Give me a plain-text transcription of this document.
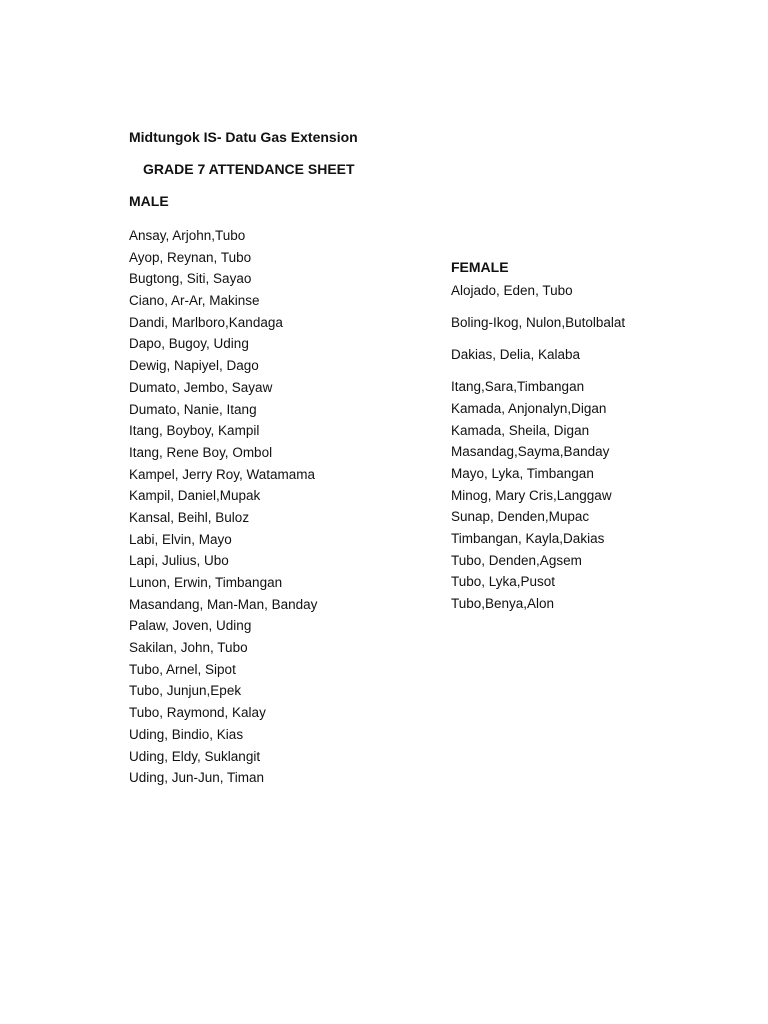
Midtungok IS- Datu Gas Extension
GRADE 7 ATTENDANCE SHEET
MALE
Ansay, Arjohn,Tubo
Ayop, Reynan, Tubo
Bugtong, Siti, Sayao
Ciano, Ar-Ar, Makinse
Dandi, Marlboro,Kandaga
Dapo, Bugoy, Uding
Dewig, Napiyel, Dago
Dumato, Jembo, Sayaw
Dumato, Nanie, Itang
Itang, Boyboy, Kampil
Itang, Rene Boy, Ombol
Kampel, Jerry Roy, Watamama
Kampil, Daniel,Mupak
Kansal, Beihl, Buloz
Labi, Elvin, Mayo
Lapi, Julius, Ubo
Lunon, Erwin, Timbangan
Masandang, Man-Man, Banday
Palaw, Joven, Uding
Sakilan, John, Tubo
Tubo, Arnel, Sipot
Tubo, Junjun,Epek
Tubo, Raymond, Kalay
Uding, Bindio, Kias
Uding, Eldy, Suklangit
Uding, Jun-Jun, Timan
FEMALE
Alojado, Eden, Tubo
Boling-Ikog, Nulon,Butolbalat
Dakias, Delia, Kalaba
Itang,Sara,Timbangan
Kamada, Anjonalyn,Digan
Kamada, Sheila, Digan
Masandag,Sayma,Banday
Mayo, Lyka, Timbangan
Minog, Mary Cris,Langgaw
Sunap, Denden,Mupac
Timbangan, Kayla,Dakias
Tubo, Denden,Agsem
Tubo, Lyka,Pusot
Tubo,Benya,Alon
